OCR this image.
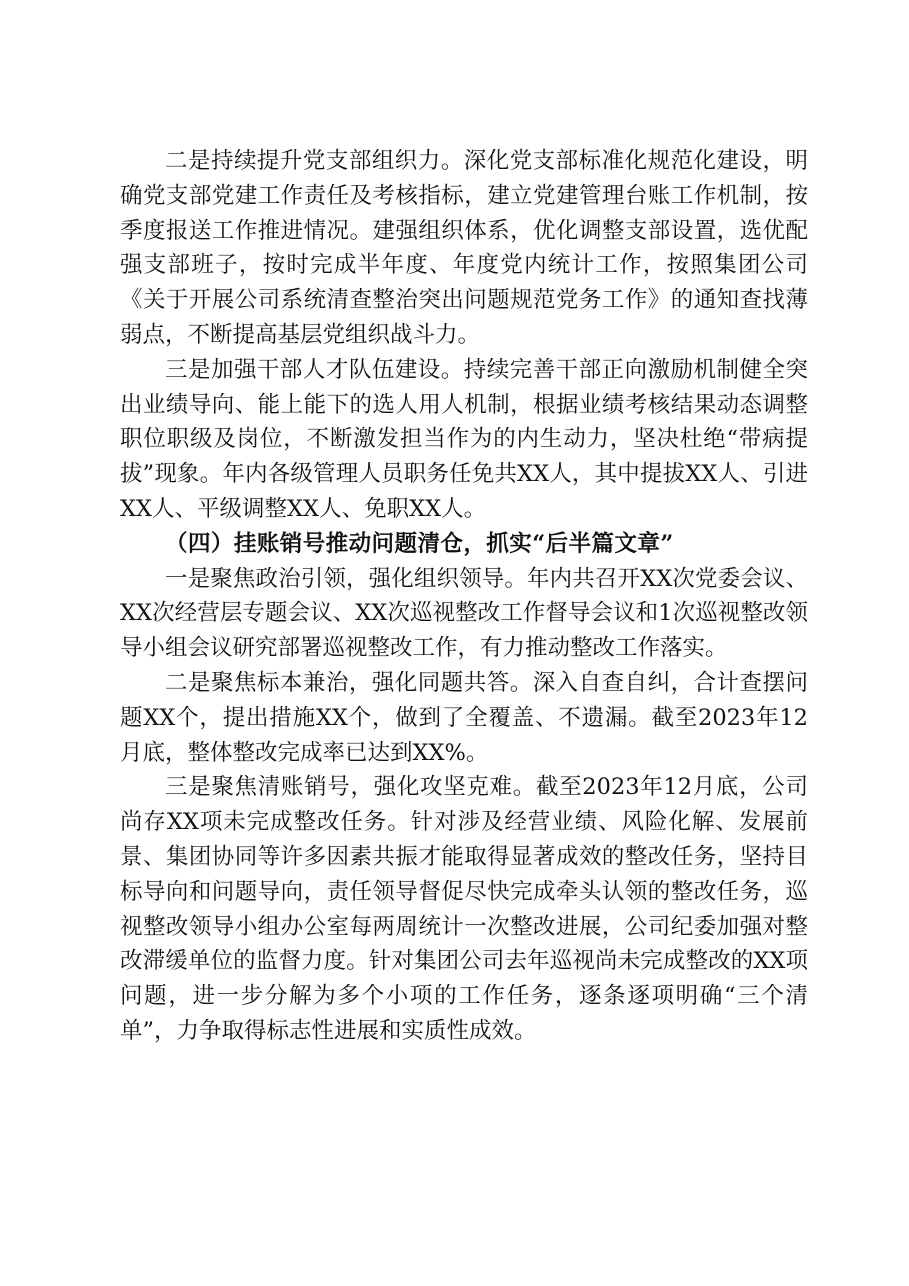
二是持续提升党支部组织力。深化党支部标准化规范化建设，明确党支部党建工作责任及考核指标，建立党建管理台账工作机制，按季度报送工作推进情况。建强组织体系，优化调整支部设置，选优配强支部班子，按时完成半年度、年度党内统计工作，按照集团公司《关于开展公司系统清查整治突出问题规范党务工作》的通知查找薄弱点，不断提高基层党组织战斗力。

三是加强干部人才队伍建设。持续完善干部正向激励机制健全突出业绩导向、能上能下的选人用人机制，根据业绩考核结果动态调整职位职级及岗位，不断激发担当作为的内生动力，坚决杜绝“带病提拔”现象。年内各级管理人员职务任免共XX人，其中提拔XX人、引进XX人、平级调整XX人、免职XX人。

（四）挂账销号推动问题清仓，抓实“后半篇文章”

一是聚焦政治引领，强化组织领导。年内共召开XX次党委会议、XX次经营层专题会议、XX次巡视整改工作督导会议和1次巡视整改领导小组会议研究部署巡视整改工作，有力推动整改工作落实。

二是聚焦标本兼治，强化同题共答。深入自查自纠，合计查摆问题XX个，提出措施XX个，做到了全覆盖、不遗漏。截至2023年12月底，整体整改完成率已达到XX%。

三是聚焦清账销号，强化攻坚克难。截至2023年12月底，公司尚存XX项未完成整改任务。针对涉及经营业绩、风险化解、发展前景、集团协同等许多因素共振才能取得显著成效的整改任务，坚持目标导向和问题导向，责任领导督促尽快完成牵头认领的整改任务，巡视整改领导小组办公室每两周统计一次整改进展，公司纪委加强对整改滞缓单位的监督力度。针对集团公司去年巡视尚未完成整改的XX项问题，进一步分解为多个小项的工作任务，逐条逐项明确“三个清单”，力争取得标志性进展和实质性成效。
